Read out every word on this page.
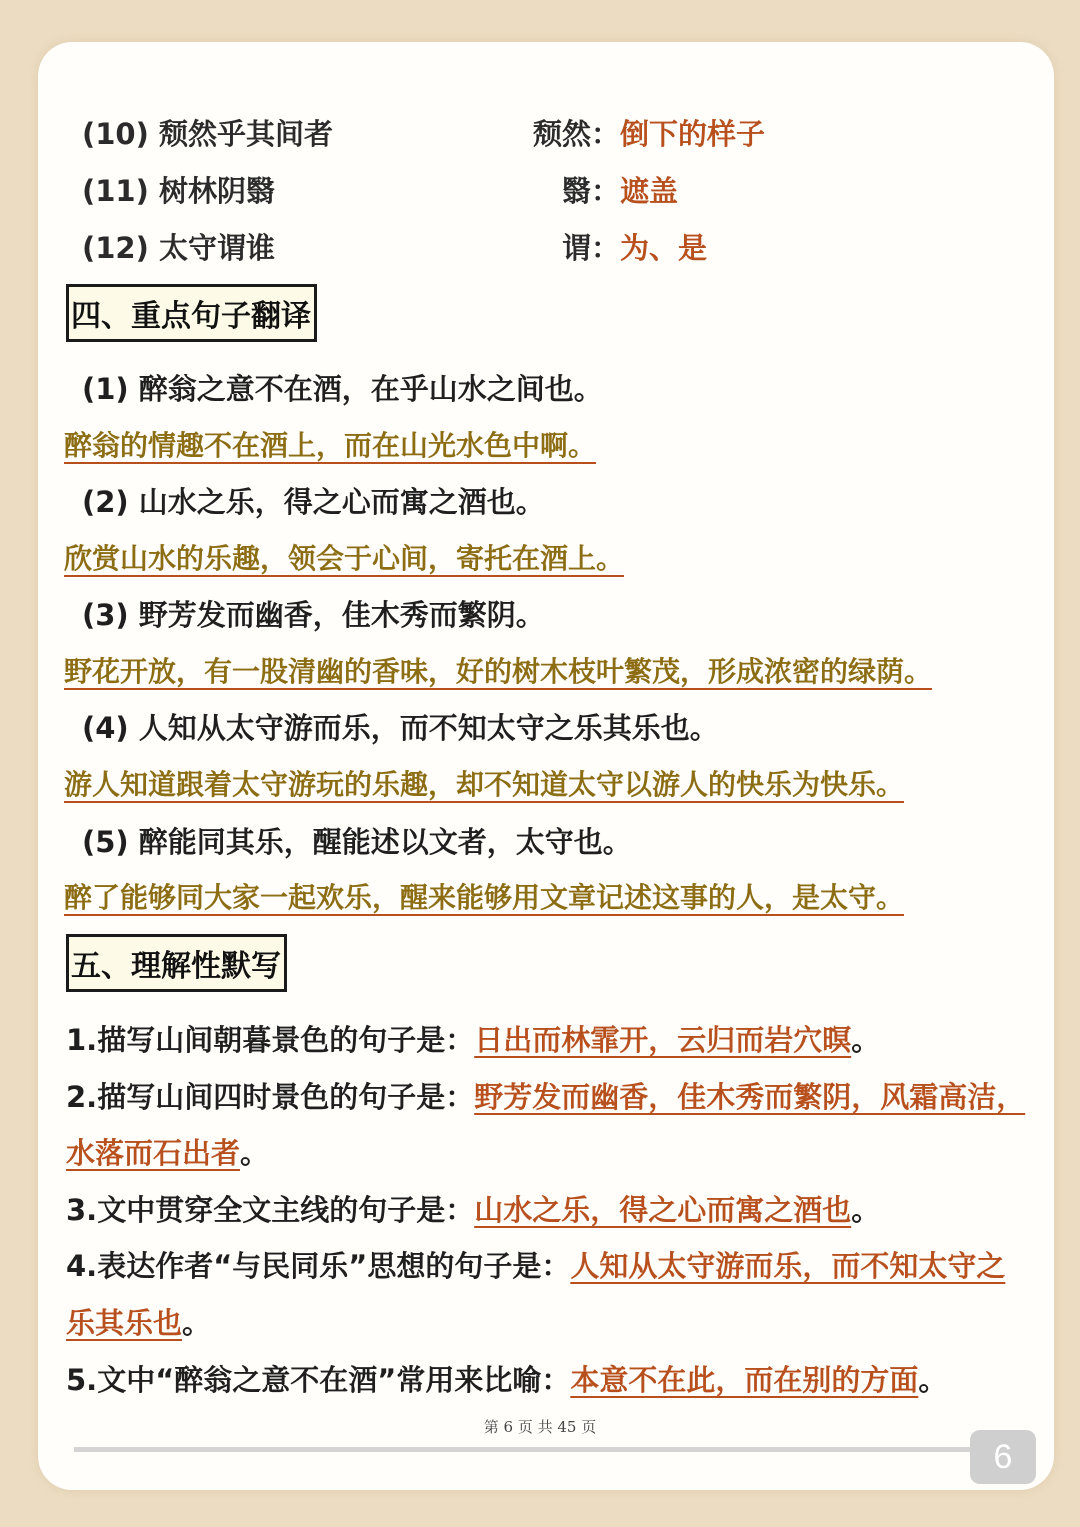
(10) 颓然乎其间者	颓然：倒下的样子
(11) 树林阴翳	翳：遮盖
(12) 太守谓谁	谓：为、是
四、重点句子翻译
(1) 醉翁之意不在酒，在乎山水之间也。
醉翁的情趣不在酒上，而在山光水色中啊。
(2) 山水之乐，得之心而寓之酒也。
欣赏山水的乐趣，领会于心间，寄托在酒上。
(3) 野芳发而幽香，佳木秀而繁阴。
野花开放，有一股清幽的香味，好的树木枝叶繁茂，形成浓密的绿荫。
(4) 人知从太守游而乐，而不知太守之乐其乐也。
游人知道跟着太守游玩的乐趣，却不知道太守以游人的快乐为快乐。
(5) 醉能同其乐，醒能述以文者，太守也。
醉了能够同大家一起欢乐，醒来能够用文章记述这事的人，是太守。
五、理解性默写
1.描写山间朝暮景色的句子是：日出而林霏开，云归而岩穴暝。
2.描写山间四时景色的句子是：野芳发而幽香，佳木秀而繁阴，风霜高洁，
水落而石出者。
3.文中贯穿全文主线的句子是：山水之乐，得之心而寓之酒也。
4.表达作者“与民同乐”思想的句子是：人知从太守游而乐，而不知太守之
乐其乐也。
5.文中“醉翁之意不在酒”常用来比喻：本意不在此，而在别的方面。
第 6 页 共 45 页
6
